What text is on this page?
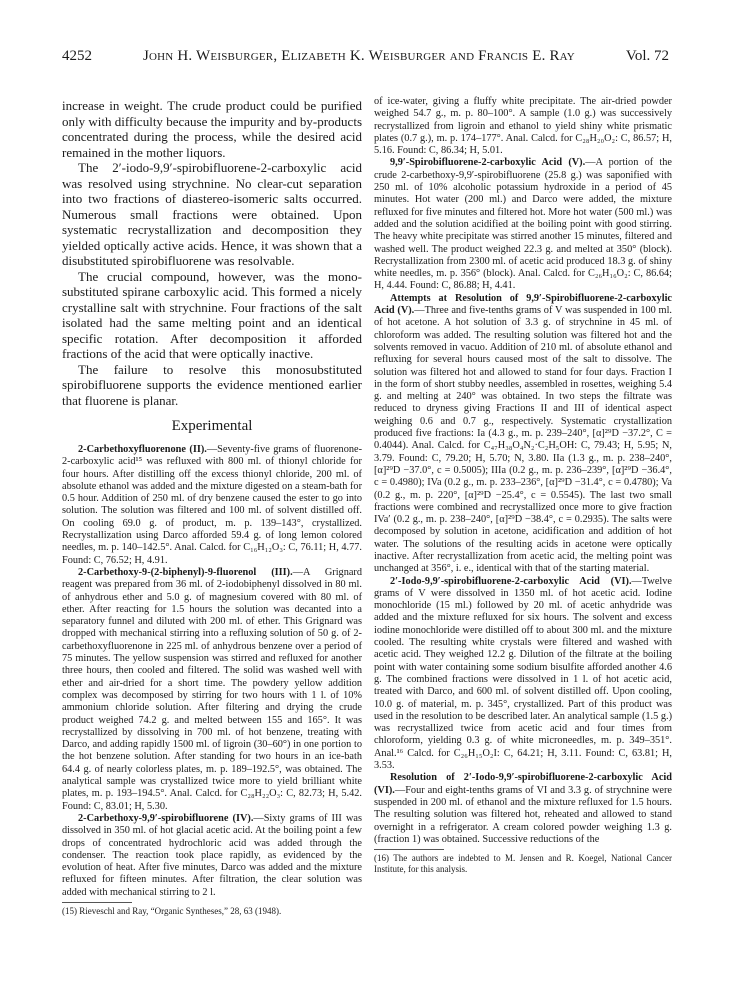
4252	John H. Weisburger, Elizabeth K. Weisburger and Francis E. Ray	Vol. 72

increase in weight. The crude product could be purified only with difficulty because the impurity and by-products concentrated during the process, while the desired acid remained in the mother liquors.

The 2′-iodo-9,9′-spirobifluorene-2-carboxylic acid was resolved using strychnine. No clear-cut separation into two fractions of diastereo-isomeric salts occurred. Numerous small fractions were obtained. Upon systematic recrystallization and decomposition they yielded optically active acids. Hence, it was shown that a disubstituted spirobifluorene was resolvable.

The crucial compound, however, was the mono-substituted spirane carboxylic acid. This formed a nicely crystalline salt with strychnine. Four fractions of the salt isolated had the same melting point and an identical specific rotation. After decomposition it afforded fractions of the acid that were optically inactive.

The failure to resolve this monosubstituted spirobifluorene supports the evidence mentioned earlier that fluorene is planar.

Experimental

2-Carbethoxyfluorenone (II).—Seventy-five grams of fluorenone-2-carboxylic acid¹⁵ was refluxed with 800 ml. of thionyl chloride for four hours. After distilling off the excess thionyl chloride, 200 ml. of absolute ethanol was added and the mixture digested on a steam-bath for 0.5 hour. Addition of 250 ml. of dry benzene caused the ester to go into solution. The solution was filtered and 100 ml. of solvent distilled off. On cooling 69.0 g. of product, m. p. 139–143°, crystallized. Recrystallization using Darco afforded 59.4 g. of long lemon colored needles, m. p. 140–142.5°. Anal. Calcd. for C₁₆H₁₂O₃: C, 76.11; H, 4.77. Found: C, 76.52; H, 4.91.

2-Carbethoxy-9-(2-biphenyl)-9-fluorenol (III).—A Grignard reagent was prepared from 36 ml. of 2-iodobiphenyl dissolved in 80 ml. of anhydrous ether and 5.0 g. of magnesium covered with 80 ml. of ether. After reacting for 1.5 hours the solution was decanted into a separatory funnel and diluted with 200 ml. of ether. This Grignard was dropped with mechanical stirring into a refluxing solution of 50 g. of 2-carbethoxyfluorenone in 225 ml. of anhydrous benzene over a period of 75 minutes. The yellow suspension was stirred and refluxed for another three hours, then cooled and filtered. The solid was washed well with ether and air-dried for a short time. The powdery yellow addition complex was decomposed by stirring for two hours with 1 l. of 10% ammonium chloride solution. After filtering and drying the crude product weighed 74.2 g. and melted between 155 and 165°. It was recrystallized by dissolving in 700 ml. of hot benzene, treating with Darco, and adding rapidly 1500 ml. of ligroin (30–60°) in one portion to the hot benzene solution. After standing for two hours in an ice-bath 64.4 g. of nearly colorless plates, m. p. 189–192.5°, was obtained. The analytical sample was crystallized twice more to yield brilliant white plates, m. p. 193–194.5°. Anal. Calcd. for C₂₈H₂₂O₃: C, 82.73; H, 5.42. Found: C, 83.01; H, 5.30.

2-Carbethoxy-9,9′-spirobifluorene (IV).—Sixty grams of III was dissolved in 350 ml. of hot glacial acetic acid. At the boiling point a few drops of concentrated hydrochloric acid was added through the condenser. The reaction took place rapidly, as evidenced by the evolution of heat. After five minutes, Darco was added and the mixture refluxed for fifteen minutes. After filtration, the clear solution was added with mechanical stirring to 2 l.

(15) Rieveschl and Ray, “Organic Syntheses,” 28, 63 (1948).

of ice-water, giving a fluffy white precipitate. The air-dried powder weighed 54.7 g., m. p. 80–100°. A sample (1.0 g.) was successively recrystallized from ligroin and ethanol to yield shiny white prismatic plates (0.7 g.), m. p. 174–177°. Anal. Calcd. for C₂₈H₂₀O₂: C, 86.57; H, 5.16. Found: C, 86.34; H, 5.01.

9,9′-Spirobifluorene-2-carboxylic Acid (V).—A portion of the crude 2-carbethoxy-9,9′-spirobifluorene (25.8 g.) was saponified with 250 ml. of 10% alcoholic potassium hydroxide in a period of 45 minutes. Hot water (200 ml.) and Darco were added, the mixture refluxed for five minutes and filtered hot. More hot water (500 ml.) was added and the solution acidified at the boiling point with good stirring. The heavy white precipitate was stirred another 15 minutes, filtered and washed well. The product weighed 22.3 g. and melted at 350° (block). Recrystallization from 2300 ml. of acetic acid produced 18.3 g. of shiny white needles, m. p. 356° (block). Anal. Calcd. for C₂₆H₁₆O₂: C, 86.64; H, 4.44. Found: C, 86.88; H, 4.41.

Attempts at Resolution of 9,9′-Spirobifluorene-2-carboxylic Acid (V).—Three and five-tenths grams of V was suspended in 100 ml. of hot acetone. A hot solution of 3.3 g. of strychnine in 45 ml. of chloroform was added. The resulting solution was filtered hot and the solvents removed in vacuo. Addition of 210 ml. of absolute ethanol and refluxing for several hours caused most of the salt to dissolve. The solution was filtered hot and allowed to stand for four days. Fraction I in the form of short stubby needles, assembled in rosettes, weighing 5.4 g. and melting at 240° was obtained. In two steps the filtrate was reduced to dryness giving Fractions II and III of identical aspect weighing 0.6 and 0.7 g., respectively. Systematic crystallization produced five fractions: Ia (4.3 g., m. p. 239–240°, [α]²⁹D −37.2°, C = 0.4044). Anal. Calcd. for C₄₇H₃₈O₄N₂·C₂H₅OH: C, 79.43; H, 5.95; N, 3.79. Found: C, 79.20; H, 5.70; N, 3.80. IIa (1.3 g., m. p. 238–240°, [α]²⁹D −37.0°, c = 0.5005); IIIa (0.2 g., m. p. 236–239°, [α]²⁹D −36.4°, c = 0.4980); IVa (0.2 g., m. p. 233–236°, [α]²⁹D −31.4°, c = 0.4780); Va (0.2 g., m. p. 220°, [α]²⁹D −25.4°, c = 0.5545). The last two small fractions were combined and recrystallized once more to give fraction IVa′ (0.2 g., m. p. 238–240°, [α]²⁹D −38.4°, c = 0.2935). The salts were decomposed by solution in acetone, acidification and addition of hot water. The solutions of the resulting acids in acetone were optically inactive. After recrystallization from acetic acid, the melting point was unchanged at 356°, i. e., identical with that of the starting material.

2′-Iodo-9,9′-spirobifluorene-2-carboxylic Acid (VI).—Twelve grams of V were dissolved in 1350 ml. of hot acetic acid. Iodine monochloride (15 ml.) followed by 20 ml. of acetic anhydride was added and the mixture refluxed for six hours. The solvent and excess iodine monochloride were distilled off to about 300 ml. and the mixture cooled. The resulting white crystals were filtered and washed with acetic acid. They weighed 12.2 g. Dilution of the filtrate at the boiling point with water containing some sodium bisulfite afforded another 4.6 g. The combined fractions were dissolved in 1 l. of hot acetic acid, treated with Darco, and 600 ml. of solvent distilled off. Upon cooling, 10.0 g. of material, m. p. 345°, crystallized. Part of this product was used in the resolution to be described later. An analytical sample (1.5 g.) was recrystallized twice from acetic acid and four times from chloroform, yielding 0.3 g. of white microneedles, m. p. 349–351°. Anal.¹⁶ Calcd. for C₂₆H₁₅O₂I: C, 64.21; H, 3.11. Found: C, 63.81; H, 3.53.

Resolution of 2′-Iodo-9,9′-spirobifluorene-2-carboxylic Acid (VI).—Four and eight-tenths grams of VI and 3.3 g. of strychnine were suspended in 200 ml. of ethanol and the mixture refluxed for 1.5 hours. The resulting solution was filtered hot, reheated and allowed to stand overnight in a refrigerator. A cream colored powder weighing 1.3 g. (fraction 1) was obtained. Successive reductions of the

(16) The authors are indebted to M. Jensen and R. Koegel, National Cancer Institute, for this analysis.
